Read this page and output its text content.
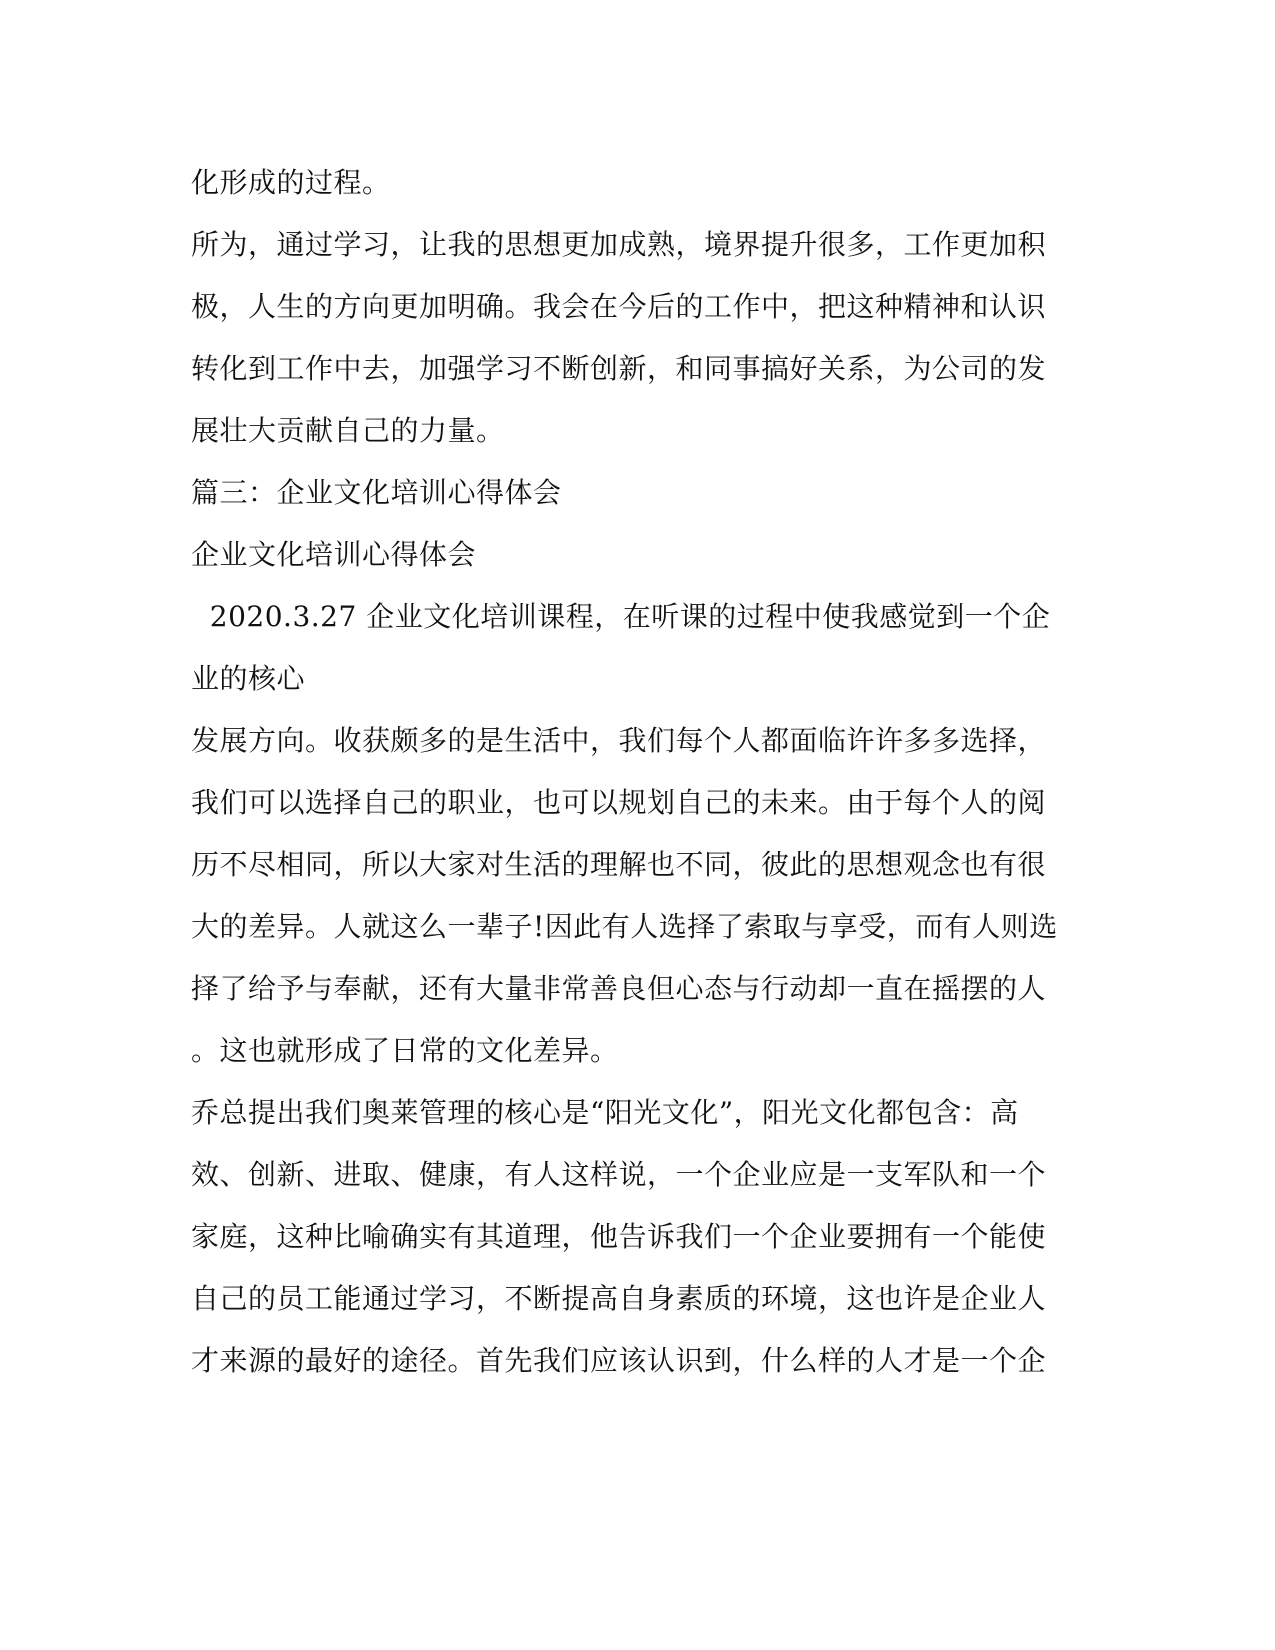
化形成的过程。
所为，通过学习，让我的思想更加成熟，境界提升很多，工作更加积
极，人生的方向更加明确。我会在今后的工作中，把这种精神和认识
转化到工作中去，加强学习不断创新，和同事搞好关系，为公司的发
展壮大贡献自己的力量。
篇三：企业文化培训心得体会
企业文化培训心得体会
2020.3.27 企业文化培训课程，在听课的过程中使我感觉到一个企
业的核心
发展方向。收获颇多的是生活中，我们每个人都面临许许多多选择，
我们可以选择自己的职业，也可以规划自己的未来。由于每个人的阅
历不尽相同，所以大家对生活的理解也不同，彼此的思想观念也有很
大的差异。人就这么一辈子!因此有人选择了索取与享受，而有人则选
择了给予与奉献，还有大量非常善良但心态与行动却一直在摇摆的人
。这也就形成了日常的文化差异。
乔总提出我们奥莱管理的核心是“阳光文化”，阳光文化都包含：高
效、创新、进取、健康，有人这样说，一个企业应是一支军队和一个
家庭，这种比喻确实有其道理，他告诉我们一个企业要拥有一个能使
自己的员工能通过学习，不断提高自身素质的环境，这也许是企业人
才来源的最好的途径。首先我们应该认识到，什么样的人才是一个企
